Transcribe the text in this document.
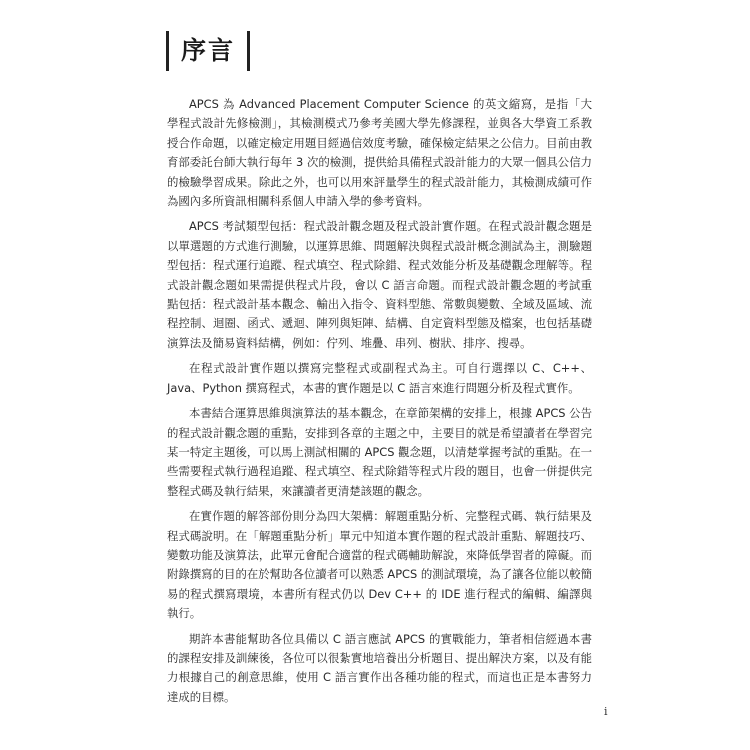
序言

APCS 為 Advanced Placement Computer Science 的英文縮寫，是指「大學程式設計先修檢測」，其檢測模式乃參考美國大學先修課程，並與各大學資工系教授合作命題，以確定檢定用題目經過信效度考驗，確保檢定結果之公信力。目前由教育部委託台師大執行每年 3 次的檢測，提供給具備程式設計能力的大眾一個具公信力的檢驗學習成果。除此之外，也可以用來評量學生的程式設計能力，其檢測成績可作為國內多所資訊相關科系個人申請入學的參考資料。

APCS 考試類型包括：程式設計觀念題及程式設計實作題。在程式設計觀念題是以單選題的方式進行測驗，以運算思維、問題解決與程式設計概念測試為主，測驗題型包括：程式運行追蹤、程式填空、程式除錯、程式效能分析及基礎觀念理解等。程式設計觀念題如果需提供程式片段，會以 C 語言命題。而程式設計觀念題的考試重點包括：程式設計基本觀念、輸出入指令、資料型態、常數與變數、全域及區域、流程控制、迴圈、函式、遞迴、陣列與矩陣、結構、自定資料型態及檔案，也包括基礎演算法及簡易資料結構，例如：佇列、堆疊、串列、樹狀、排序、搜尋。

在程式設計實作題以撰寫完整程式或副程式為主。可自行選擇以 C、C++、Java、Python 撰寫程式，本書的實作題是以 C 語言來進行問題分析及程式實作。

本書結合運算思維與演算法的基本觀念，在章節架構的安排上，根據 APCS 公告的程式設計觀念題的重點，安排到各章的主題之中，主要目的就是希望讀者在學習完某一特定主題後，可以馬上測試相關的 APCS 觀念題，以清楚掌握考試的重點。在一些需要程式執行過程追蹤、程式填空、程式除錯等程式片段的題目，也會一併提供完整程式碼及執行結果，來讓讀者更清楚該題的觀念。

在實作題的解答部份則分為四大架構：解題重點分析、完整程式碼、執行結果及程式碼說明。在「解題重點分析」單元中知道本實作題的程式設計重點、解題技巧、變數功能及演算法，此單元會配合適當的程式碼輔助解說，來降低學習者的障礙。而附錄撰寫的目的在於幫助各位讀者可以熟悉 APCS 的測試環境，為了讓各位能以較簡易的程式撰寫環境，本書所有程式仍以 Dev C++ 的 IDE 進行程式的編輯、編譯與執行。

期許本書能幫助各位具備以 C 語言應試 APCS 的實戰能力，筆者相信經過本書的課程安排及訓練後，各位可以很紮實地培養出分析題目、提出解決方案，以及有能力根據自己的創意思維，使用 C 語言實作出各種功能的程式，而這也正是本書努力達成的目標。

i
